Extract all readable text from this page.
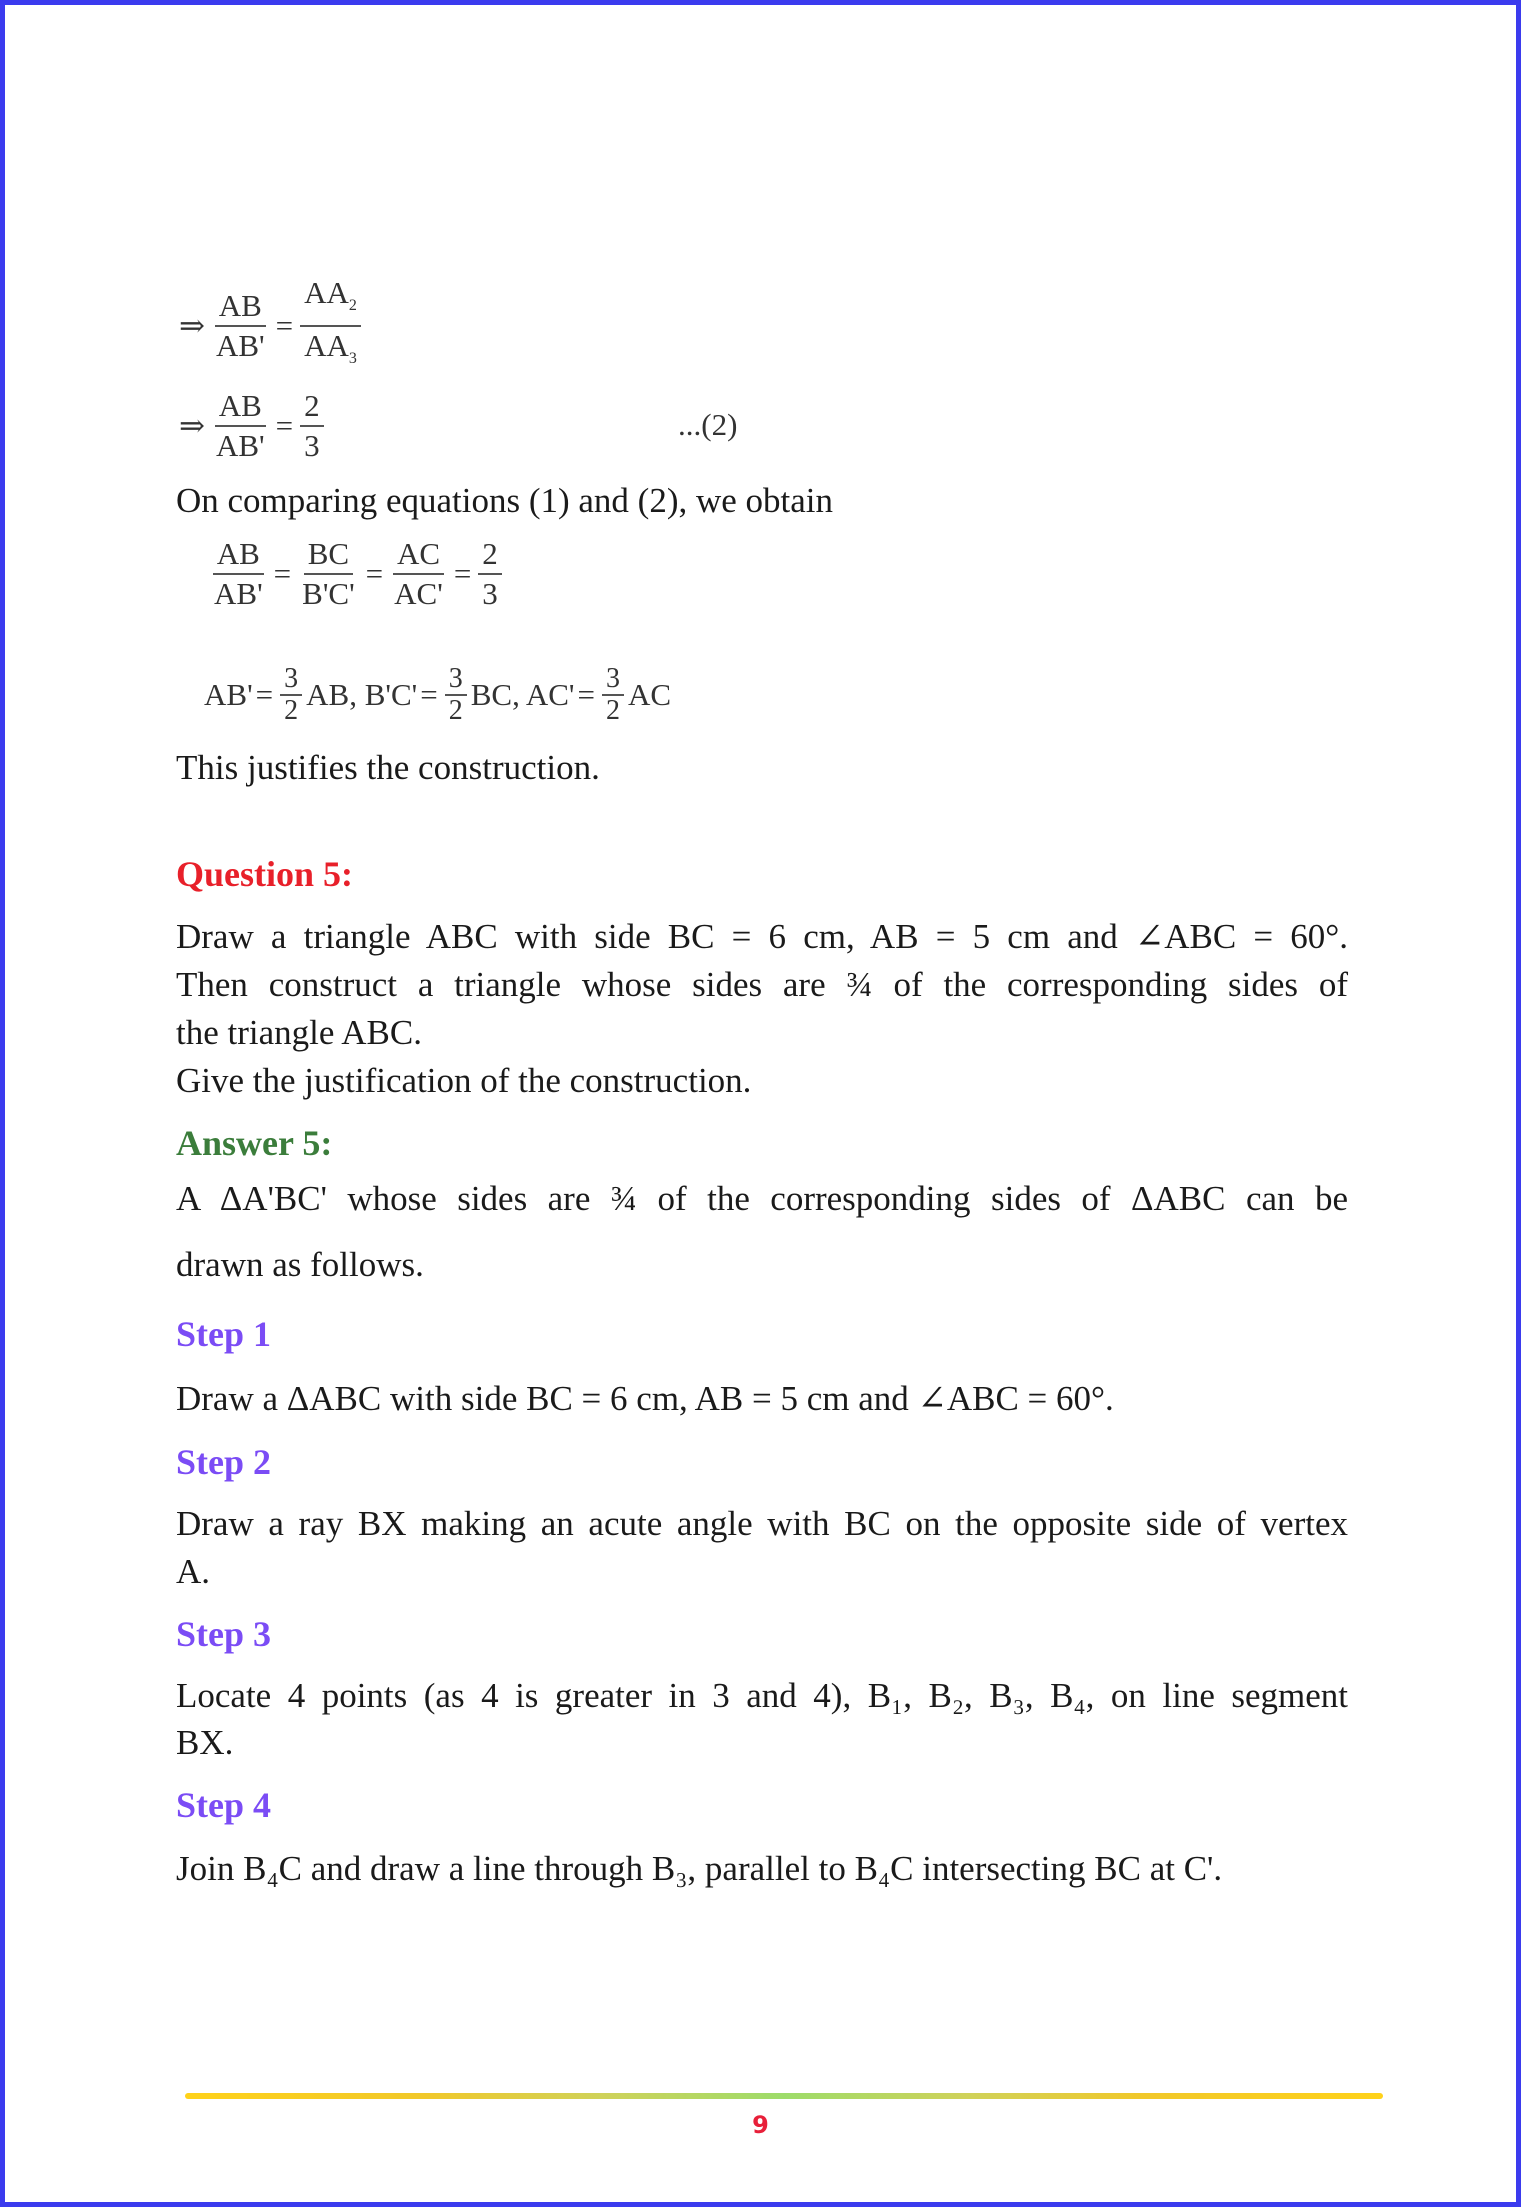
⇒ $\frac{AB}{AB'} = \frac{AA_2}{AA_3}$
⇒ $\frac{AB}{AB'} = \frac{2}{3}$	...(2)
On comparing equations (1) and (2), we obtain
$\frac{AB}{AB'} = \frac{BC}{B'C'} = \frac{AC}{AC'} = \frac{2}{3}$
$AB' = \frac{3}{2}$ AB, $B'C' = \frac{3}{2}$ BC, $AC' = \frac{3}{2}$ AC
This justifies the construction.
Question 5:
Draw a triangle ABC with side BC = 6 cm, AB = 5 cm and ∠ABC = 60°.
Then construct a triangle whose sides are ¾ of the corresponding sides of
the triangle ABC.
Give the justification of the construction.
Answer 5:
A ΔA'BC' whose sides are ¾ of the corresponding sides of ΔABC can be
drawn as follows.
Step 1
Draw a ΔABC with side BC = 6 cm, AB = 5 cm and ∠ABC = 60°.
Step 2
Draw a ray BX making an acute angle with BC on the opposite side of vertex
A.
Step 3
Locate 4 points (as 4 is greater in 3 and 4), B₁, B₂, B₃, B₄, on line segment
BX.
Step 4
Join B₄C and draw a line through B₃, parallel to B₄C intersecting BC at C'.
9
